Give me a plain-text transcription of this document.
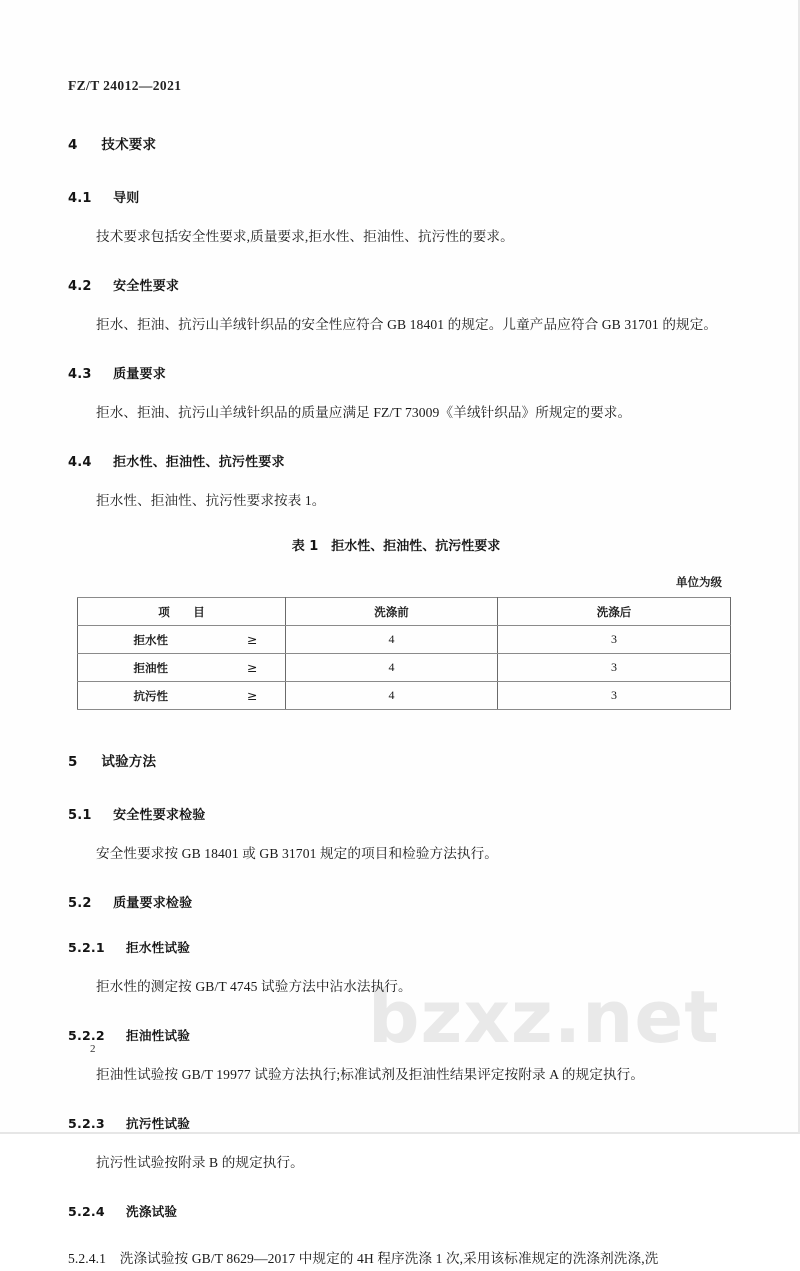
bzxz.net
FZ/T 24012—2021
4 技术要求
4.1 导则

技术要求包括安全性要求,质量要求,拒水性、拒油性、抗污性的要求。

4.2 安全性要求

拒水、拒油、抗污山羊绒针织品的安全性应符合 GB 18401 的规定。儿童产品应符合 GB 31701 的规定。

4.3 质量要求

拒水、拒油、抗污山羊绒针织品的质量应满足 FZ/T 73009《羊绒针织品》所规定的要求。

4.4 拒水性、拒油性、抗污性要求

拒水性、拒油性、抗污性要求按表 1。

表 1　拒水性、拒油性、抗污性要求

单位为级

项　目	洗涤前	洗涤后
拒水性 ≥	4	3
拒油性 ≥	4	3
抗污性 ≥	4	3
5 试验方法
5.1 安全性要求检验

安全性要求按 GB 18401 或 GB 31701 规定的项目和检验方法执行。

5.2 质量要求检验
5.2.1 拒水性试验

拒水性的测定按 GB/T 4745 试验方法中沾水法执行。

5.2.2 拒油性试验

拒油性试验按 GB/T 19977 试验方法执行;标准试剂及拒油性结果评定按附录 A 的规定执行。

5.2.3 抗污性试验

抗污性试验按附录 B 的规定执行。

5.2.4 洗涤试验

5.2.4.1　洗涤试验按 GB/T 8629—2017 中规定的 4H 程序洗涤 1 次,采用该标准规定的洗涤剂洗涤,洗

2
